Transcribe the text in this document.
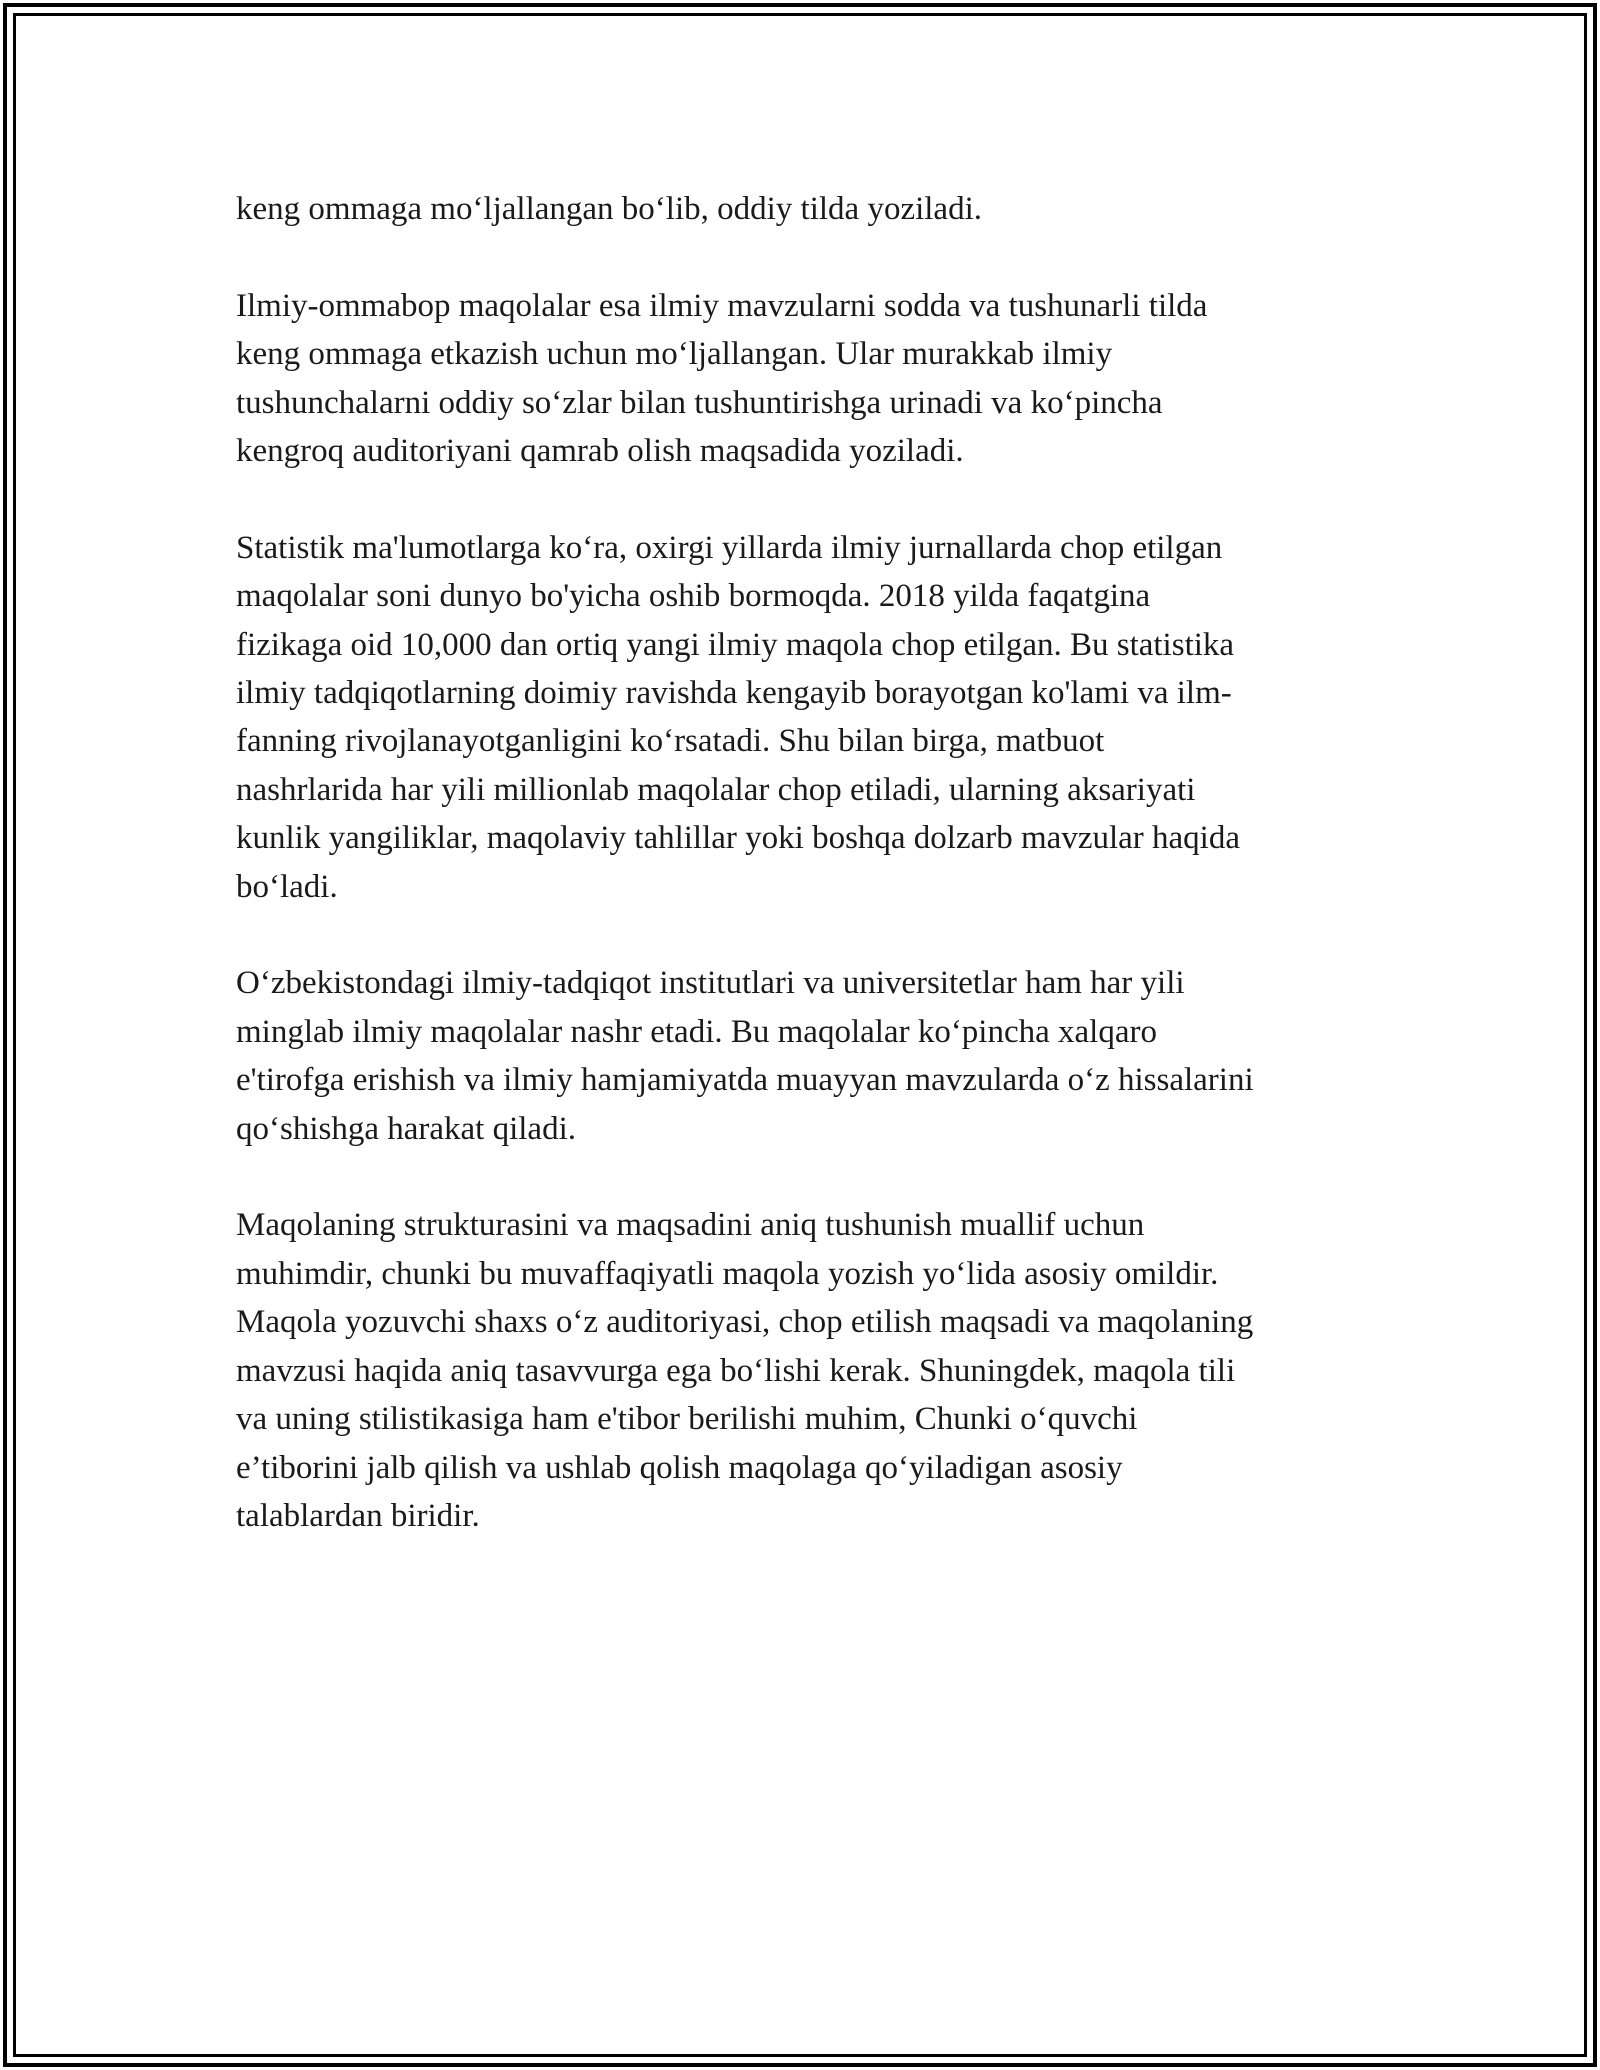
keng ommaga moʻljallangan boʻlib, oddiy tilda yoziladi.

Ilmiy-ommabop maqolalar esa ilmiy mavzularni sodda va tushunarli tilda
keng ommaga etkazish uchun moʻljallangan. Ular murakkab ilmiy
tushunchalarni oddiy soʻzlar bilan tushuntirishga urinadi va koʻpincha
kengroq auditoriyani qamrab olish maqsadida yoziladi.

Statistik ma'lumotlarga koʻra, oxirgi yillarda ilmiy jurnallarda chop etilgan
maqolalar soni dunyo bo'yicha oshib bormoqda. 2018 yilda faqatgina
fizikaga oid 10,000 dan ortiq yangi ilmiy maqola chop etilgan. Bu statistika
ilmiy tadqiqotlarning doimiy ravishda kengayib borayotgan ko'lami va ilm-
fanning rivojlanayotganligini koʻrsatadi. Shu bilan birga, matbuot
nashrlarida har yili millionlab maqolalar chop etiladi, ularning aksariyati
kunlik yangiliklar, maqolaviy tahlillar yoki boshqa dolzarb mavzular haqida
boʻladi.

Oʻzbekistondagi ilmiy-tadqiqot institutlari va universitetlar ham har yili
minglab ilmiy maqolalar nashr etadi. Bu maqolalar koʻpincha xalqaro
e'tirofga erishish va ilmiy hamjamiyatda muayyan mavzularda oʻz hissalarini
qoʻshishga harakat qiladi.

Maqolaning strukturasini va maqsadini aniq tushunish muallif uchun
muhimdir, chunki bu muvaffaqiyatli maqola yozish yoʻlida asosiy omildir.
Maqola yozuvchi shaxs oʻz auditoriyasi, chop etilish maqsadi va maqolaning
mavzusi haqida aniq tasavvurga ega boʻlishi kerak. Shuningdek, maqola tili
va uning stilistikasiga ham e'tibor berilishi muhim, Chunki oʻquvchi
e’tiborini jalb qilish va ushlab qolish maqolaga qoʻyiladigan asosiy
talablardan biridir.
